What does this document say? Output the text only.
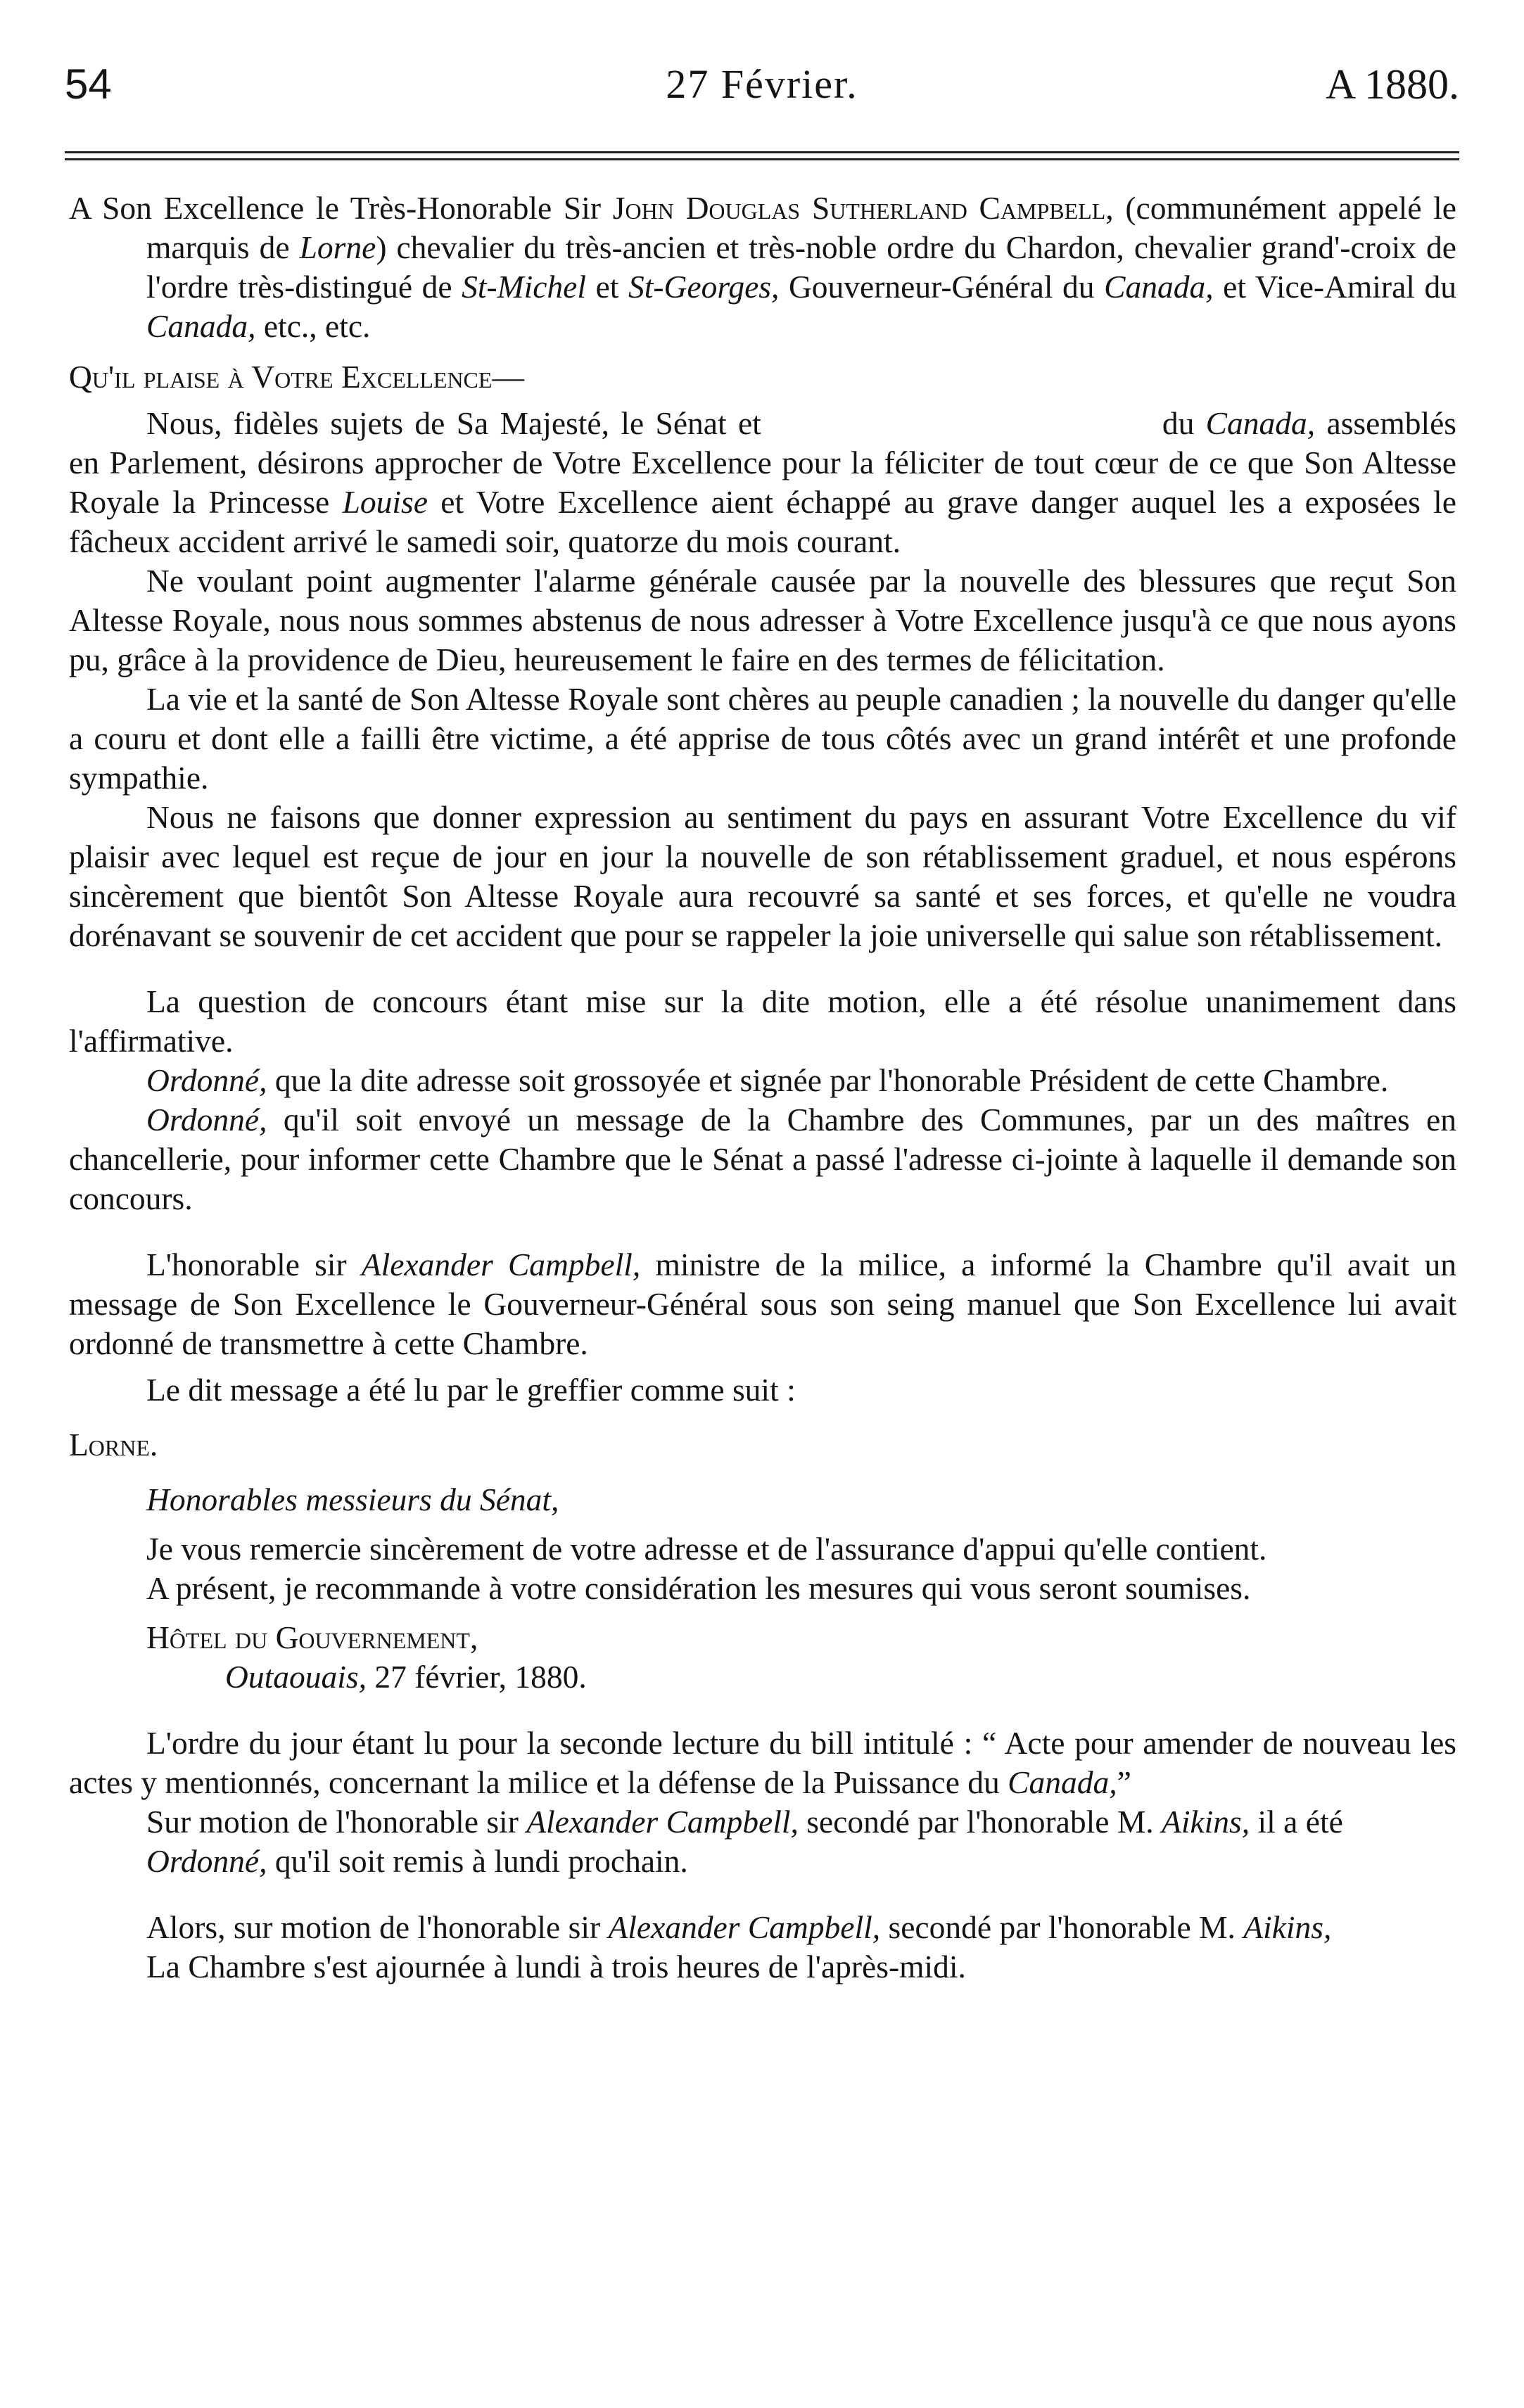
54	27 Février.	A 1880.

A Son Excellence le Très-Honorable Sir John Douglas Sutherland Campbell, (communément appelé le marquis de Lorne) chevalier du très-ancien et très-noble ordre du Chardon, chevalier grand'-croix de l'ordre très-distingué de St-Michel et St-Georges, Gouverneur-Général du Canada, et Vice-Amiral du Canada, etc., etc.

Qu'il plaise à Votre Excellence—

Nous, fidèles sujets de Sa Majesté, le Sénat et	du Canada, assemblés en Parlement, désirons approcher de Votre Excellence pour la féliciter de tout cœur de ce que Son Altesse Royale la Princesse Louise et Votre Excellence aient échappé au grave danger auquel les a exposées le fâcheux accident arrivé le samedi soir, quatorze du mois courant.

Ne voulant point augmenter l'alarme générale causée par la nouvelle des blessures que reçut Son Altesse Royale, nous nous sommes abstenus de nous adresser à Votre Excellence jusqu'à ce que nous ayons pu, grâce à la providence de Dieu, heureusement le faire en des termes de félicitation.

La vie et la santé de Son Altesse Royale sont chères au peuple canadien ; la nouvelle du danger qu'elle a couru et dont elle a failli être victime, a été apprise de tous côtés avec un grand intérêt et une profonde sympathie.

Nous ne faisons que donner expression au sentiment du pays en assurant Votre Excellence du vif plaisir avec lequel est reçue de jour en jour la nouvelle de son rétablissement graduel, et nous espérons sincèrement que bientôt Son Altesse Royale aura recouvré sa santé et ses forces, et qu'elle ne voudra dorénavant se souvenir de cet accident que pour se rappeler la joie universelle qui salue son rétablissement.

La question de concours étant mise sur la dite motion, elle a été résolue unanimement dans l'affirmative.

Ordonné, que la dite adresse soit grossoyée et signée par l'honorable Président de cette Chambre.

Ordonné, qu'il soit envoyé un message de la Chambre des Communes, par un des maîtres en chancellerie, pour informer cette Chambre que le Sénat a passé l'adresse ci-jointe à laquelle il demande son concours.

L'honorable sir Alexander Campbell, ministre de la milice, a informé la Chambre qu'il avait un message de Son Excellence le Gouverneur-Général sous son seing manuel que Son Excellence lui avait ordonné de transmettre à cette Chambre.

Le dit message a été lu par le greffier comme suit :

Lorne.

Honorables messieurs du Sénat,

Je vous remercie sincèrement de votre adresse et de l'assurance d'appui qu'elle contient.

A présent, je recommande à votre considération les mesures qui vous seront soumises.

Hôtel du Gouvernement,

Outaouais, 27 février, 1880.

L'ordre du jour étant lu pour la seconde lecture du bill intitulé : “ Acte pour amender de nouveau les actes y mentionnés, concernant la milice et la défense de la Puissance du Canada,”

Sur motion de l'honorable sir Alexander Campbell, secondé par l'honorable M. Aikins, il a été

Ordonné, qu'il soit remis à lundi prochain.

Alors, sur motion de l'honorable sir Alexander Campbell, secondé par l'honorable M. Aikins,

La Chambre s'est ajournée à lundi à trois heures de l'après-midi.
